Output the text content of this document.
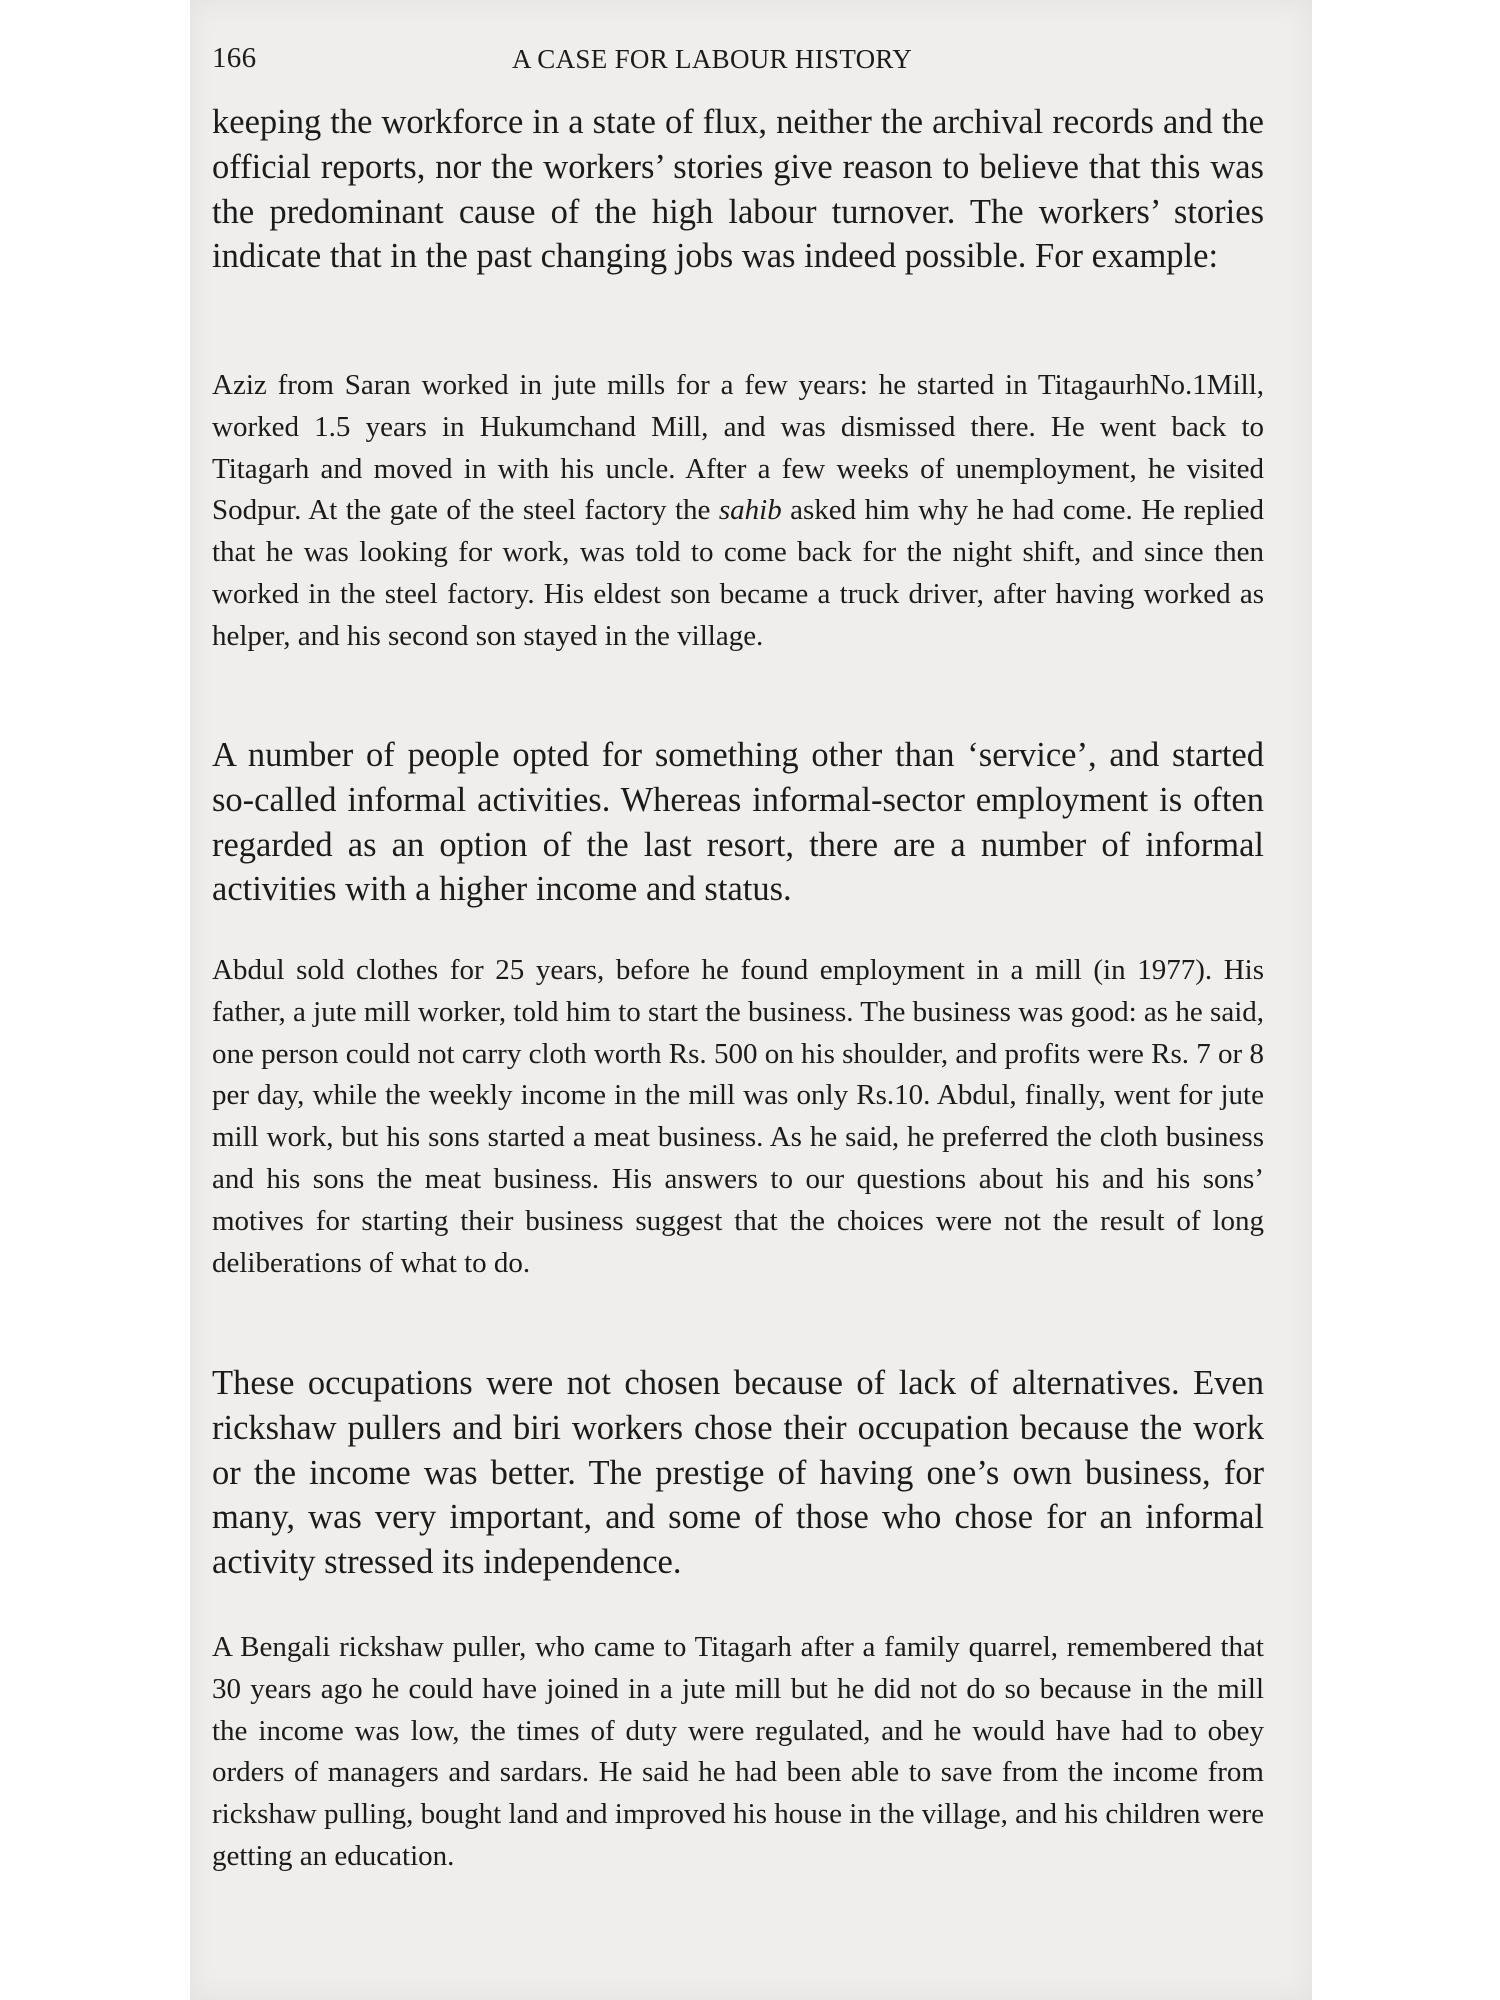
166	A CASE FOR LABOUR HISTORY

keeping the workforce in a state of flux, neither the archival records and the official reports, nor the workers’ stories give reason to believe that this was the predominant cause of the high labour turnover. The workers’ stories indicate that in the past changing jobs was indeed possible. For example:

Aziz from Saran worked in jute mills for a few years: he started in TitagaurhNo.1Mill, worked 1.5 years in Hukumchand Mill, and was dismissed there. He went back to Titagarh and moved in with his uncle. After a few weeks of unemployment, he visited Sodpur. At the gate of the steel factory the sahib asked him why he had come. He replied that he was looking for work, was told to come back for the night shift, and since then worked in the steel factory. His eldest son became a truck driver, after having worked as helper, and his second son stayed in the village.

A number of people opted for something other than ‘service’, and started so-called informal activities. Whereas informal-sector employment is often regarded as an option of the last resort, there are a number of informal activities with a higher income and status.

Abdul sold clothes for 25 years, before he found employment in a mill (in 1977). His father, a jute mill worker, told him to start the business. The business was good: as he said, one person could not carry cloth worth Rs. 500 on his shoulder, and profits were Rs. 7 or 8 per day, while the weekly income in the mill was only Rs.10. Abdul, finally, went for jute mill work, but his sons started a meat business. As he said, he preferred the cloth business and his sons the meat business. His answers to our questions about his and his sons’ motives for starting their business suggest that the choices were not the result of long deliberations of what to do.

These occupations were not chosen because of lack of alternatives. Even rickshaw pullers and biri workers chose their occupation because the work or the income was better. The prestige of having one’s own business, for many, was very important, and some of those who chose for an informal activity stressed its independence.

A Bengali rickshaw puller, who came to Titagarh after a family quarrel, remembered that 30 years ago he could have joined in a jute mill but he did not do so because in the mill the income was low, the times of duty were regulated, and he would have had to obey orders of managers and sardars. He said he had been able to save from the income from rickshaw pulling, bought land and improved his house in the village, and his children were getting an education.
